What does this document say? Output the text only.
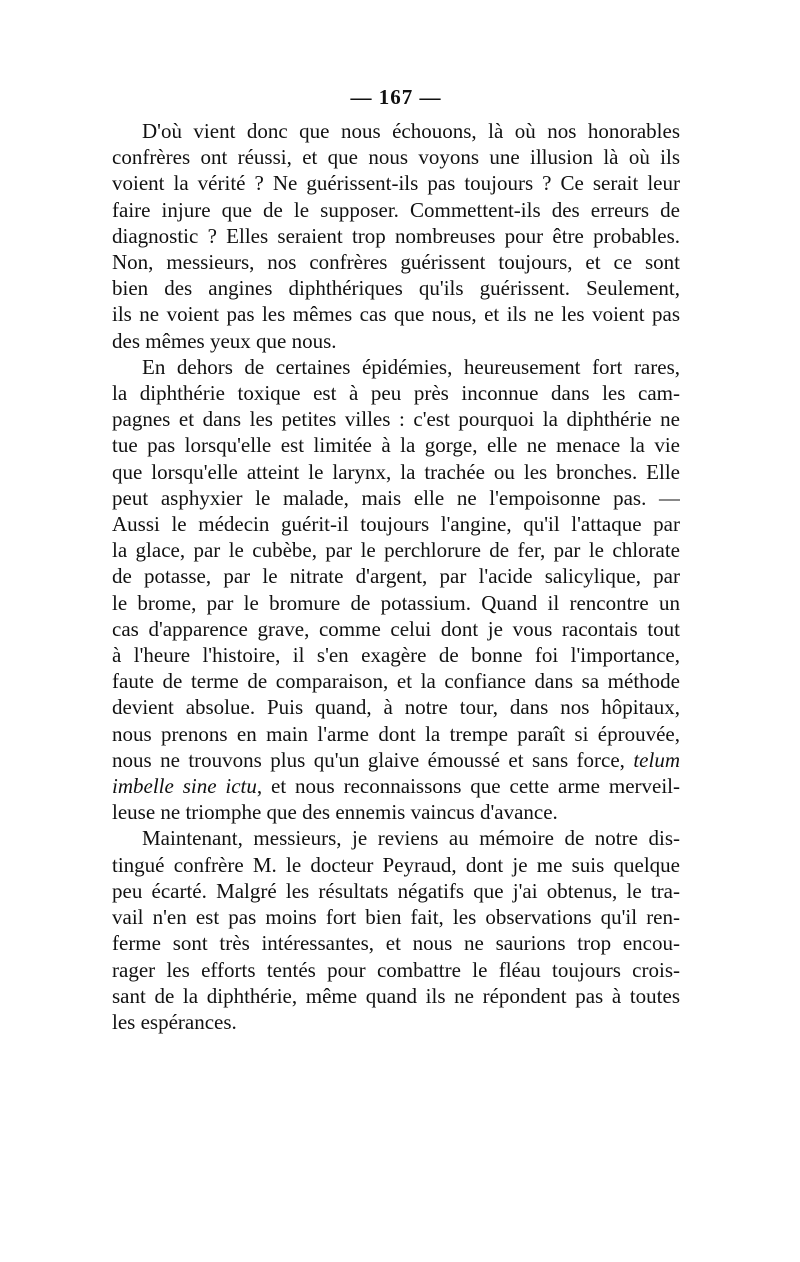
— 167 —
D'où vient donc que nous échouons, là où nos honorables
confrères ont réussi, et que nous voyons une illusion là où ils
voient la vérité ? Ne guérissent-ils pas toujours ? Ce serait leur
faire injure que de le supposer. Commettent-ils des erreurs de
diagnostic ? Elles seraient trop nombreuses pour être probables.
Non, messieurs, nos confrères guérissent toujours, et ce sont
bien des angines diphthériques qu'ils guérissent. Seulement,
ils ne voient pas les mêmes cas que nous, et ils ne les voient pas
des mêmes yeux que nous.
En dehors de certaines épidémies, heureusement fort rares,
la diphthérie toxique est à peu près inconnue dans les cam-
pagnes et dans les petites villes : c'est pourquoi la diphthérie ne
tue pas lorsqu'elle est limitée à la gorge, elle ne menace la vie
que lorsqu'elle atteint le larynx, la trachée ou les bronches. Elle
peut asphyxier le malade, mais elle ne l'empoisonne pas. —
Aussi le médecin guérit-il toujours l'angine, qu'il l'attaque par
la glace, par le cubèbe, par le perchlorure de fer, par le chlorate
de potasse, par le nitrate d'argent, par l'acide salicylique, par
le brome, par le bromure de potassium. Quand il rencontre un
cas d'apparence grave, comme celui dont je vous racontais tout
à l'heure l'histoire, il s'en exagère de bonne foi l'importance,
faute de terme de comparaison, et la confiance dans sa méthode
devient absolue. Puis quand, à notre tour, dans nos hôpitaux,
nous prenons en main l'arme dont la trempe paraît si éprouvée,
nous ne trouvons plus qu'un glaive émoussé et sans force, telum
imbelle sine ictu, et nous reconnaissons que cette arme merveil-
leuse ne triomphe que des ennemis vaincus d'avance.
Maintenant, messieurs, je reviens au mémoire de notre dis-
tingué confrère M. le docteur Peyraud, dont je me suis quelque
peu écarté. Malgré les résultats négatifs que j'ai obtenus, le tra-
vail n'en est pas moins fort bien fait, les observations qu'il ren-
ferme sont très intéressantes, et nous ne saurions trop encou-
rager les efforts tentés pour combattre le fléau toujours crois-
sant de la diphthérie, même quand ils ne répondent pas à toutes
les espérances.
